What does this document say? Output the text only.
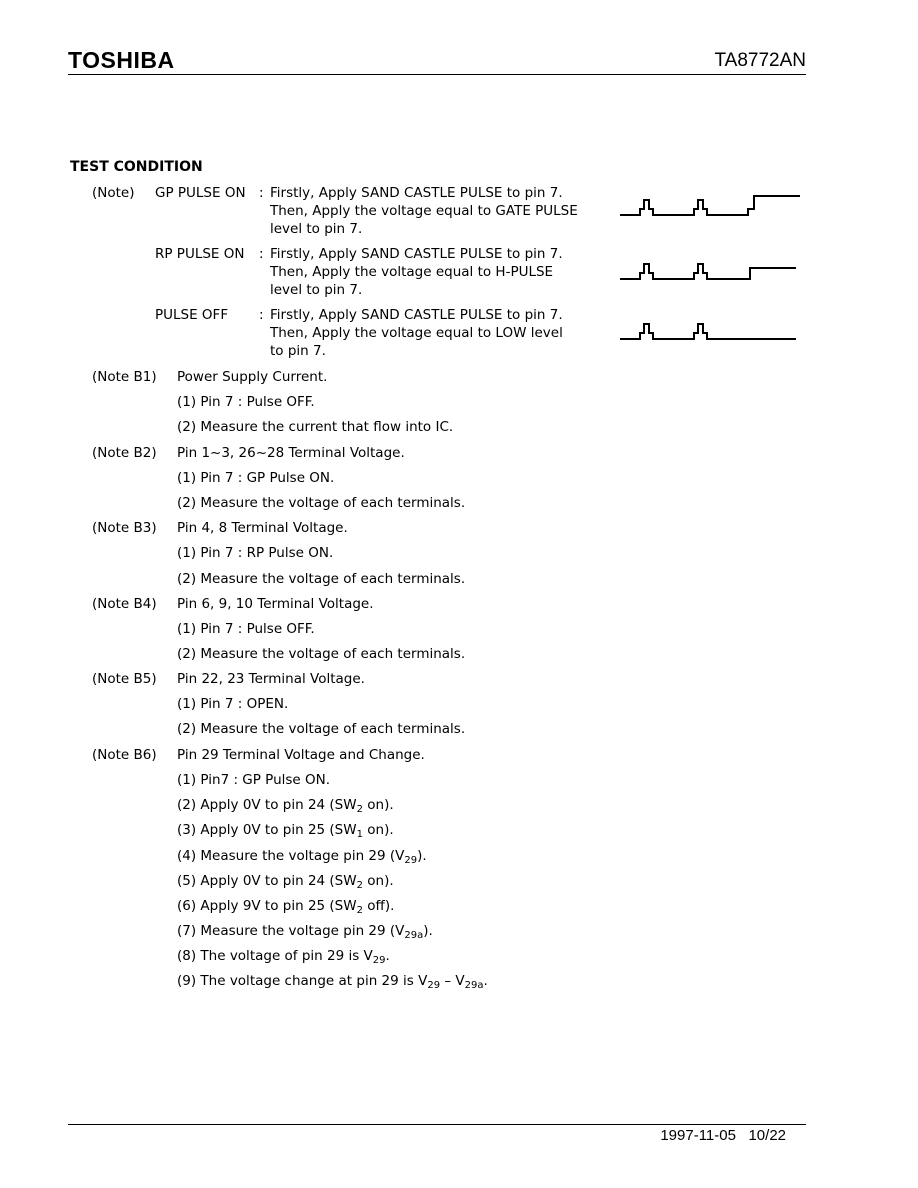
TOSHIBA	TA8772AN
TEST CONDITION
(Note) GP PULSE ON : Firstly, Apply SAND CASTLE PULSE to pin 7.
Then, Apply the voltage equal to GATE PULSE
level to pin 7.
RP PULSE ON : Firstly, Apply SAND CASTLE PULSE to pin 7.
Then, Apply the voltage equal to H-PULSE
level to pin 7.
PULSE OFF : Firstly, Apply SAND CASTLE PULSE to pin 7.
Then, Apply the voltage equal to LOW level
to pin 7.
(Note B1) Power Supply Current.
(1) Pin 7 : Pulse OFF.
(2) Measure the current that flow into IC.
(Note B2) Pin 1~3, 26~28 Terminal Voltage.
(1) Pin 7 : GP Pulse ON.
(2) Measure the voltage of each terminals.
(Note B3) Pin 4, 8 Terminal Voltage.
(1) Pin 7 : RP Pulse ON.
(2) Measure the voltage of each terminals.
(Note B4) Pin 6, 9, 10 Terminal Voltage.
(1) Pin 7 : Pulse OFF.
(2) Measure the voltage of each terminals.
(Note B5) Pin 22, 23 Terminal Voltage.
(1) Pin 7 : OPEN.
(2) Measure the voltage of each terminals.
(Note B6) Pin 29 Terminal Voltage and Change.
(1) Pin7 : GP Pulse ON.
(2) Apply 0V to pin 24 ($SW_2$ on).
(3) Apply 0V to pin 25 ($SW_1$ on).
(4) Measure the voltage pin 29 $(V_{29})$.
(5) Apply 0V to pin 24 ($SW_2$ on).
(6) Apply 9V to pin 25 ($SW_2$ off).
(7) Measure the voltage pin 29 $(V_{29a})$.
(8) The voltage of pin 29 is $V_{29}$.
(9) The voltage change at pin 29 is $V_{29} - V_{29a}$.
1997-11-05   10/22
